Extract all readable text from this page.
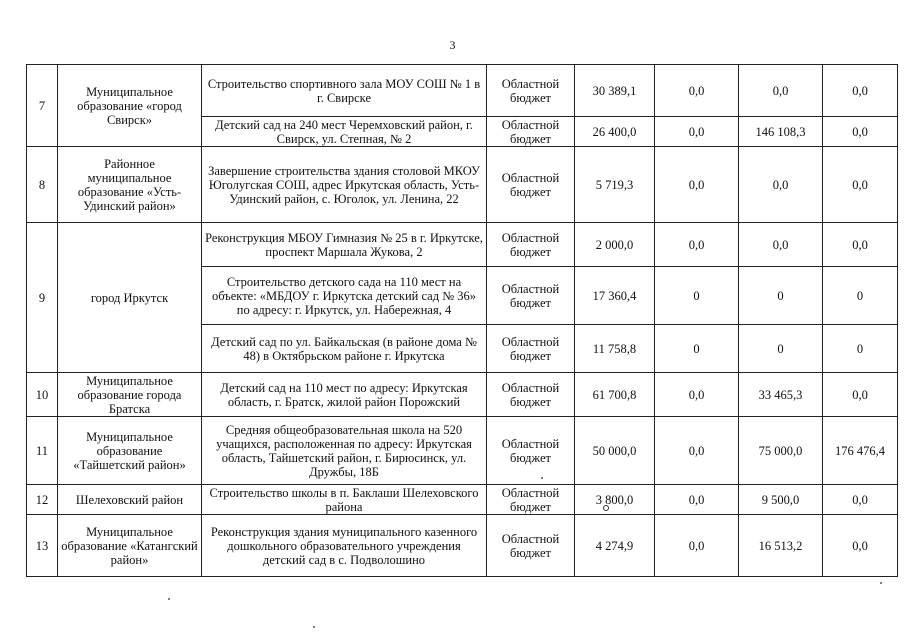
3
7	Муниципальное образование «город Свирск»	Строительство спортивного зала МОУ СОШ № 1 в г. Свирске	Областной бюджет	30 389,1	0,0	0,0	0,0
		Детский сад на 240 мест Черемховский район, г. Свирск, ул. Степная, № 2	Областной бюджет	26 400,0	0,0	146 108,3	0,0
8	Районное муниципальное образование «Усть-Удинский район»	Завершение строительства здания столовой МКОУ Юголугская СОШ, адрес Иркутская область, Усть-Удинский район, с. Юголок, ул. Ленина, 22	Областной бюджет	5 719,3	0,0	0,0	0,0
9	город Иркутск	Реконструкция МБОУ Гимназия № 25 в г. Иркутске, проспект Маршала Жукова, 2	Областной бюджет	2 000,0	0,0	0,0	0,0
		Строительство детского сада на 110 мест на объекте: «МБДОУ г. Иркутска детский сад № 36» по адресу: г. Иркутск, ул. Набережная, 4	Областной бюджет	17 360,4	0	0	0
		Детский сад по ул. Байкальская (в районе дома № 48) в Октябрьском районе г. Иркутска	Областной бюджет	11 758,8	0	0	0
10	Муниципальное образование города Братска	Детский сад на 110 мест по адресу: Иркутская область, г. Братск, жилой район Порожский	Областной бюджет	61 700,8	0,0	33 465,3	0,0
11	Муниципальное образование «Тайшетский район»	Средняя общеобразовательная школа на 520 учащихся, расположенная по адресу: Иркутская область, Тайшетский район, г. Бирюсинск, ул. Дружбы, 18Б	Областной бюджет	50 000,0	0,0	75 000,0	176 476,4
12	Шелеховский район	Строительство школы в п. Баклаши Шелеховского района	Областной бюджет	3 800,0	0,0	9 500,0	0,0
13	Муниципальное образование «Катангский район»	Реконструкция здания муниципального казенного дошкольного образовательного учреждения детский сад в с. Подволошино	Областной бюджет	4 274,9	0,0	16 513,2	0,0
